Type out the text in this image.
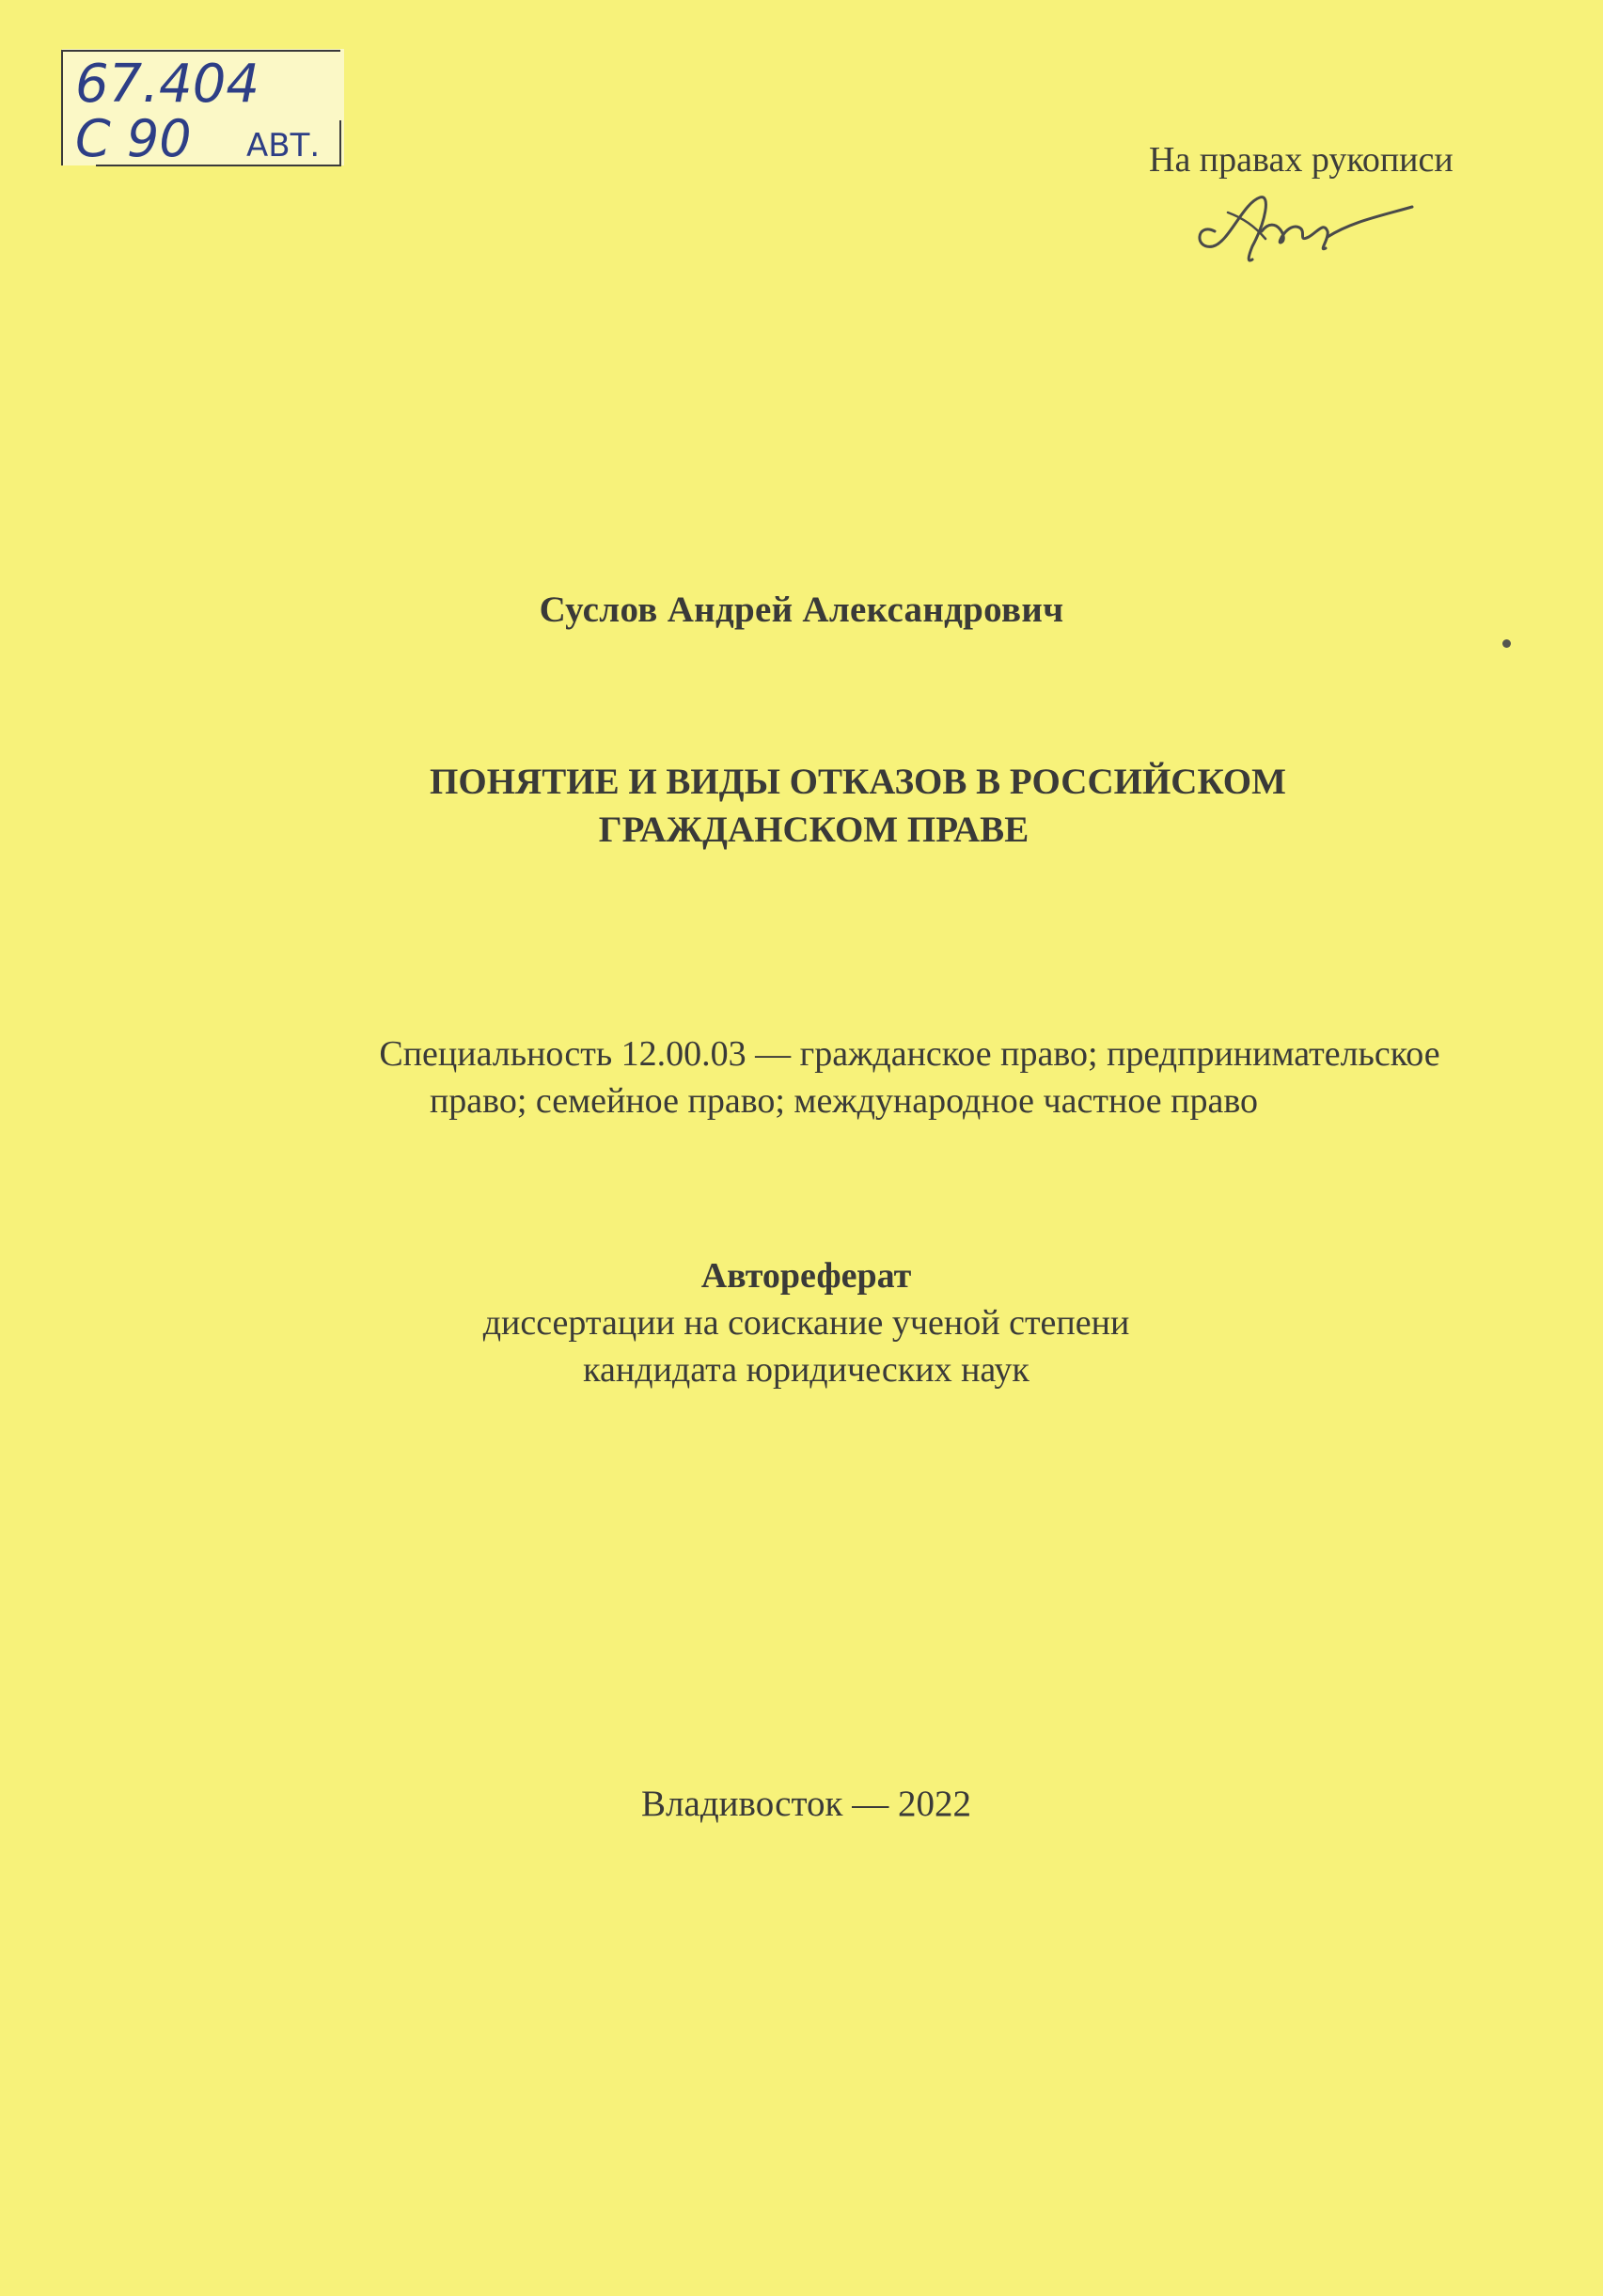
67.404
С 90 АВТ.	На правах рукописи
Суслов Андрей Александрович
ПОНЯТИЕ И ВИДЫ ОТКАЗОВ В РОССИЙСКОМ
ГРАЖДАНСКОМ ПРАВЕ
Специальность 12.00.03 — гражданское право; предпринимательское
право; семейное право; международное частное право
Автореферат
диссертации на соискание ученой степени
кандидата юридических наук
Владивосток — 2022
